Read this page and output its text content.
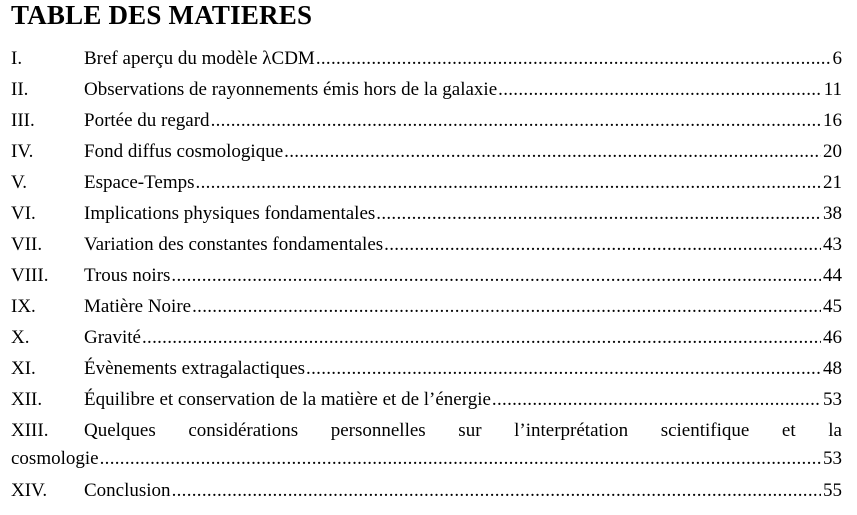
TABLE DES MATIERES
I.	Bref aperçu du modèle λCDM .....	6
II.	Observations de rayonnements émis hors de la galaxie .....	11
III.	Portée du regard .....	16
IV.	Fond diffus cosmologique .....	20
V.	Espace-Temps .....	21
VI.	Implications physiques fondamentales .....	38
VII. Variation des constantes fondamentales .....	43
VIII. Trous noirs .....	44
IX.	Matière Noire .....	45
X.	Gravité .....	46
XI.	Évènements extragalactiques .....	48
XII. Équilibre et conservation de la matière et de l’énergie .....	53
XIII. Quelques considérations personnelles sur l’interprétation scientifique et la
cosmologie .....	53
XIV. Conclusion .....	55
